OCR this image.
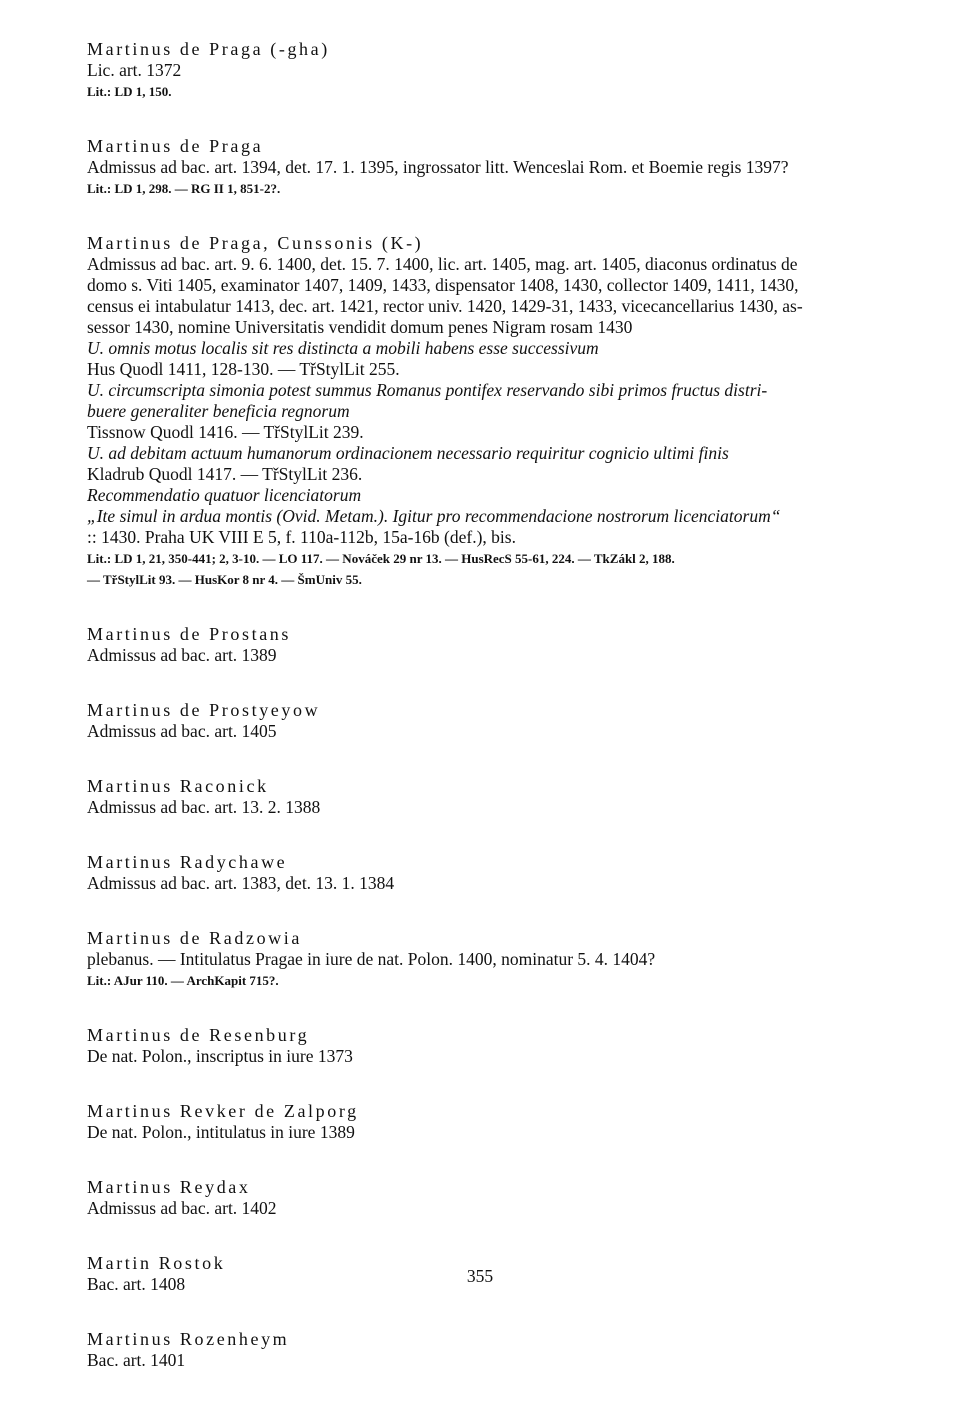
Martinus de Praga (-gha)
Lic. art. 1372
Lit.: LD 1, 150.
Martinus de Praga
Admissus ad bac. art. 1394, det. 17. 1. 1395, ingrossator litt. Wenceslai Rom. et Boemie regis 1397?
Lit.: LD 1, 298. — RG II 1, 851-2?.
Martinus de Praga, Cunssonis (K-)
Admissus ad bac. art. 9. 6. 1400, det. 15. 7. 1400, lic. art. 1405, mag. art. 1405, diaconus ordinatus de
domo s. Viti 1405, examinator 1407, 1409, 1433, dispensator 1408, 1430, collector 1409, 1411, 1430,
census ei intabulatur 1413, dec. art. 1421, rector univ. 1420, 1429-31, 1433, vicecancellarius 1430, as-
sessor 1430, nomine Universitatis vendidit domum penes Nigram rosam 1430
U. omnis motus localis sit res distincta a mobili habens esse successivum
Hus Quodl 1411, 128-130. — TřStylLit 255.
U. circumscripta simonia potest summus Romanus pontifex reservando sibi primos fructus distri-
buere generaliter beneficia regnorum
Tissnow Quodl 1416. — TřStylLit 239.
U. ad debitam actuum humanorum ordinacionem necessario requiritur cognicio ultimi finis
Kladrub Quodl 1417. — TřStylLit 236.
Recommendatio quatuor licenciatorum
„Ite simul in ardua montis (Ovid. Metam.). Igitur pro recommendacione nostrorum licenciatorum“
:: 1430. Praha UK VIII E 5, f. 110a-112b, 15a-16b (def.), bis.
Lit.: LD 1, 21, 350-441; 2, 3-10. — LO 117. — Nováček 29 nr 13. — HusRecS 55-61, 224. — TkZákl 2, 188.
— TřStylLit 93. — HusKor 8 nr 4. — ŠmUniv 55.
Martinus de Prostans
Admissus ad bac. art. 1389
Martinus de Prostyeyow
Admissus ad bac. art. 1405
Martinus Raconick
Admissus ad bac. art. 13. 2. 1388
Martinus Radychawe
Admissus ad bac. art. 1383, det. 13. 1. 1384
Martinus de Radzowia
plebanus. — Intitulatus Pragae in iure de nat. Polon. 1400, nominatur 5. 4. 1404?
Lit.: AJur 110. — ArchKapit 715?.
Martinus de Resenburg
De nat. Polon., inscriptus in iure 1373
Martinus Revker de Zalporg
De nat. Polon., intitulatus in iure 1389
Martinus Reydax
Admissus ad bac. art. 1402
Martin Rostok
Bac. art. 1408
Martinus Rozenheym
Bac. art. 1401
355
